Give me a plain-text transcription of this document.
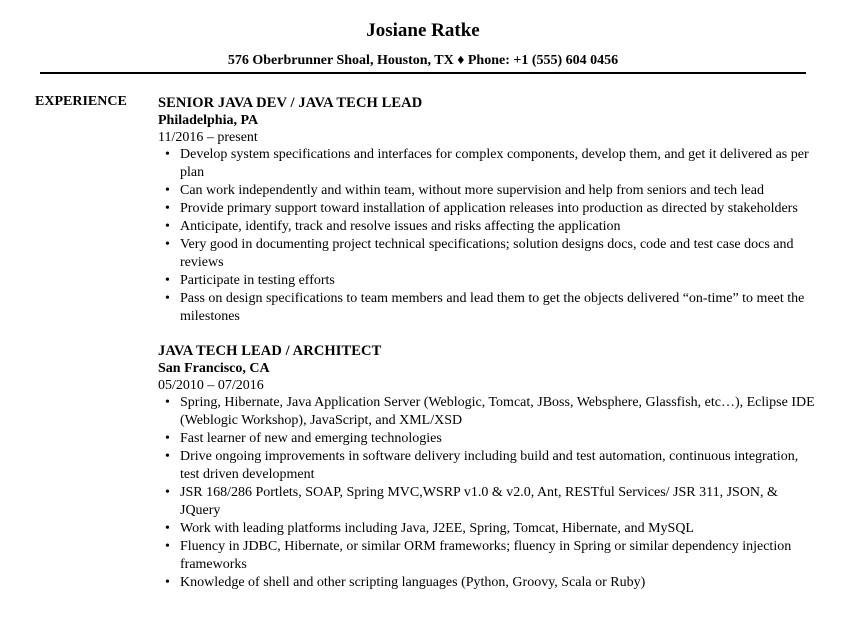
Josiane Ratke
576 Oberbrunner Shoal, Houston, TX ♦ Phone: +1 (555) 604 0456
EXPERIENCE SENIOR JAVA DEV / JAVA TECH LEAD
Philadelphia, PA
11/2016 – present
• Develop system specifications and interfaces for complex components, develop them, and get it delivered as per plan
• Can work independently and within team, without more supervision and help from seniors and tech lead
• Provide primary support toward installation of application releases into production as directed by stakeholders
• Anticipate, identify, track and resolve issues and risks affecting the application
• Very good in documenting project technical specifications; solution designs docs, code and test case docs and reviews
• Participate in testing efforts
• Pass on design specifications to team members and lead them to get the objects delivered “on-time” to meet the milestones
JAVA TECH LEAD / ARCHITECT
San Francisco, CA
05/2010 – 07/2016
• Spring, Hibernate, Java Application Server (Weblogic, Tomcat, JBoss, Websphere, Glassfish, etc…), Eclipse IDE (Weblogic Workshop), JavaScript, and XML/XSD
• Fast learner of new and emerging technologies
• Drive ongoing improvements in software delivery including build and test automation, continuous integration, test driven development
• JSR 168/286 Portlets, SOAP, Spring MVC,WSRP v1.0 & v2.0, Ant, RESTful Services/ JSR 311, JSON, & JQuery
• Work with leading platforms including Java, J2EE, Spring, Tomcat, Hibernate, and MySQL
• Fluency in JDBC, Hibernate, or similar ORM frameworks; fluency in Spring or similar dependency injection frameworks
• Knowledge of shell and other scripting languages (Python, Groovy, Scala or Ruby)
